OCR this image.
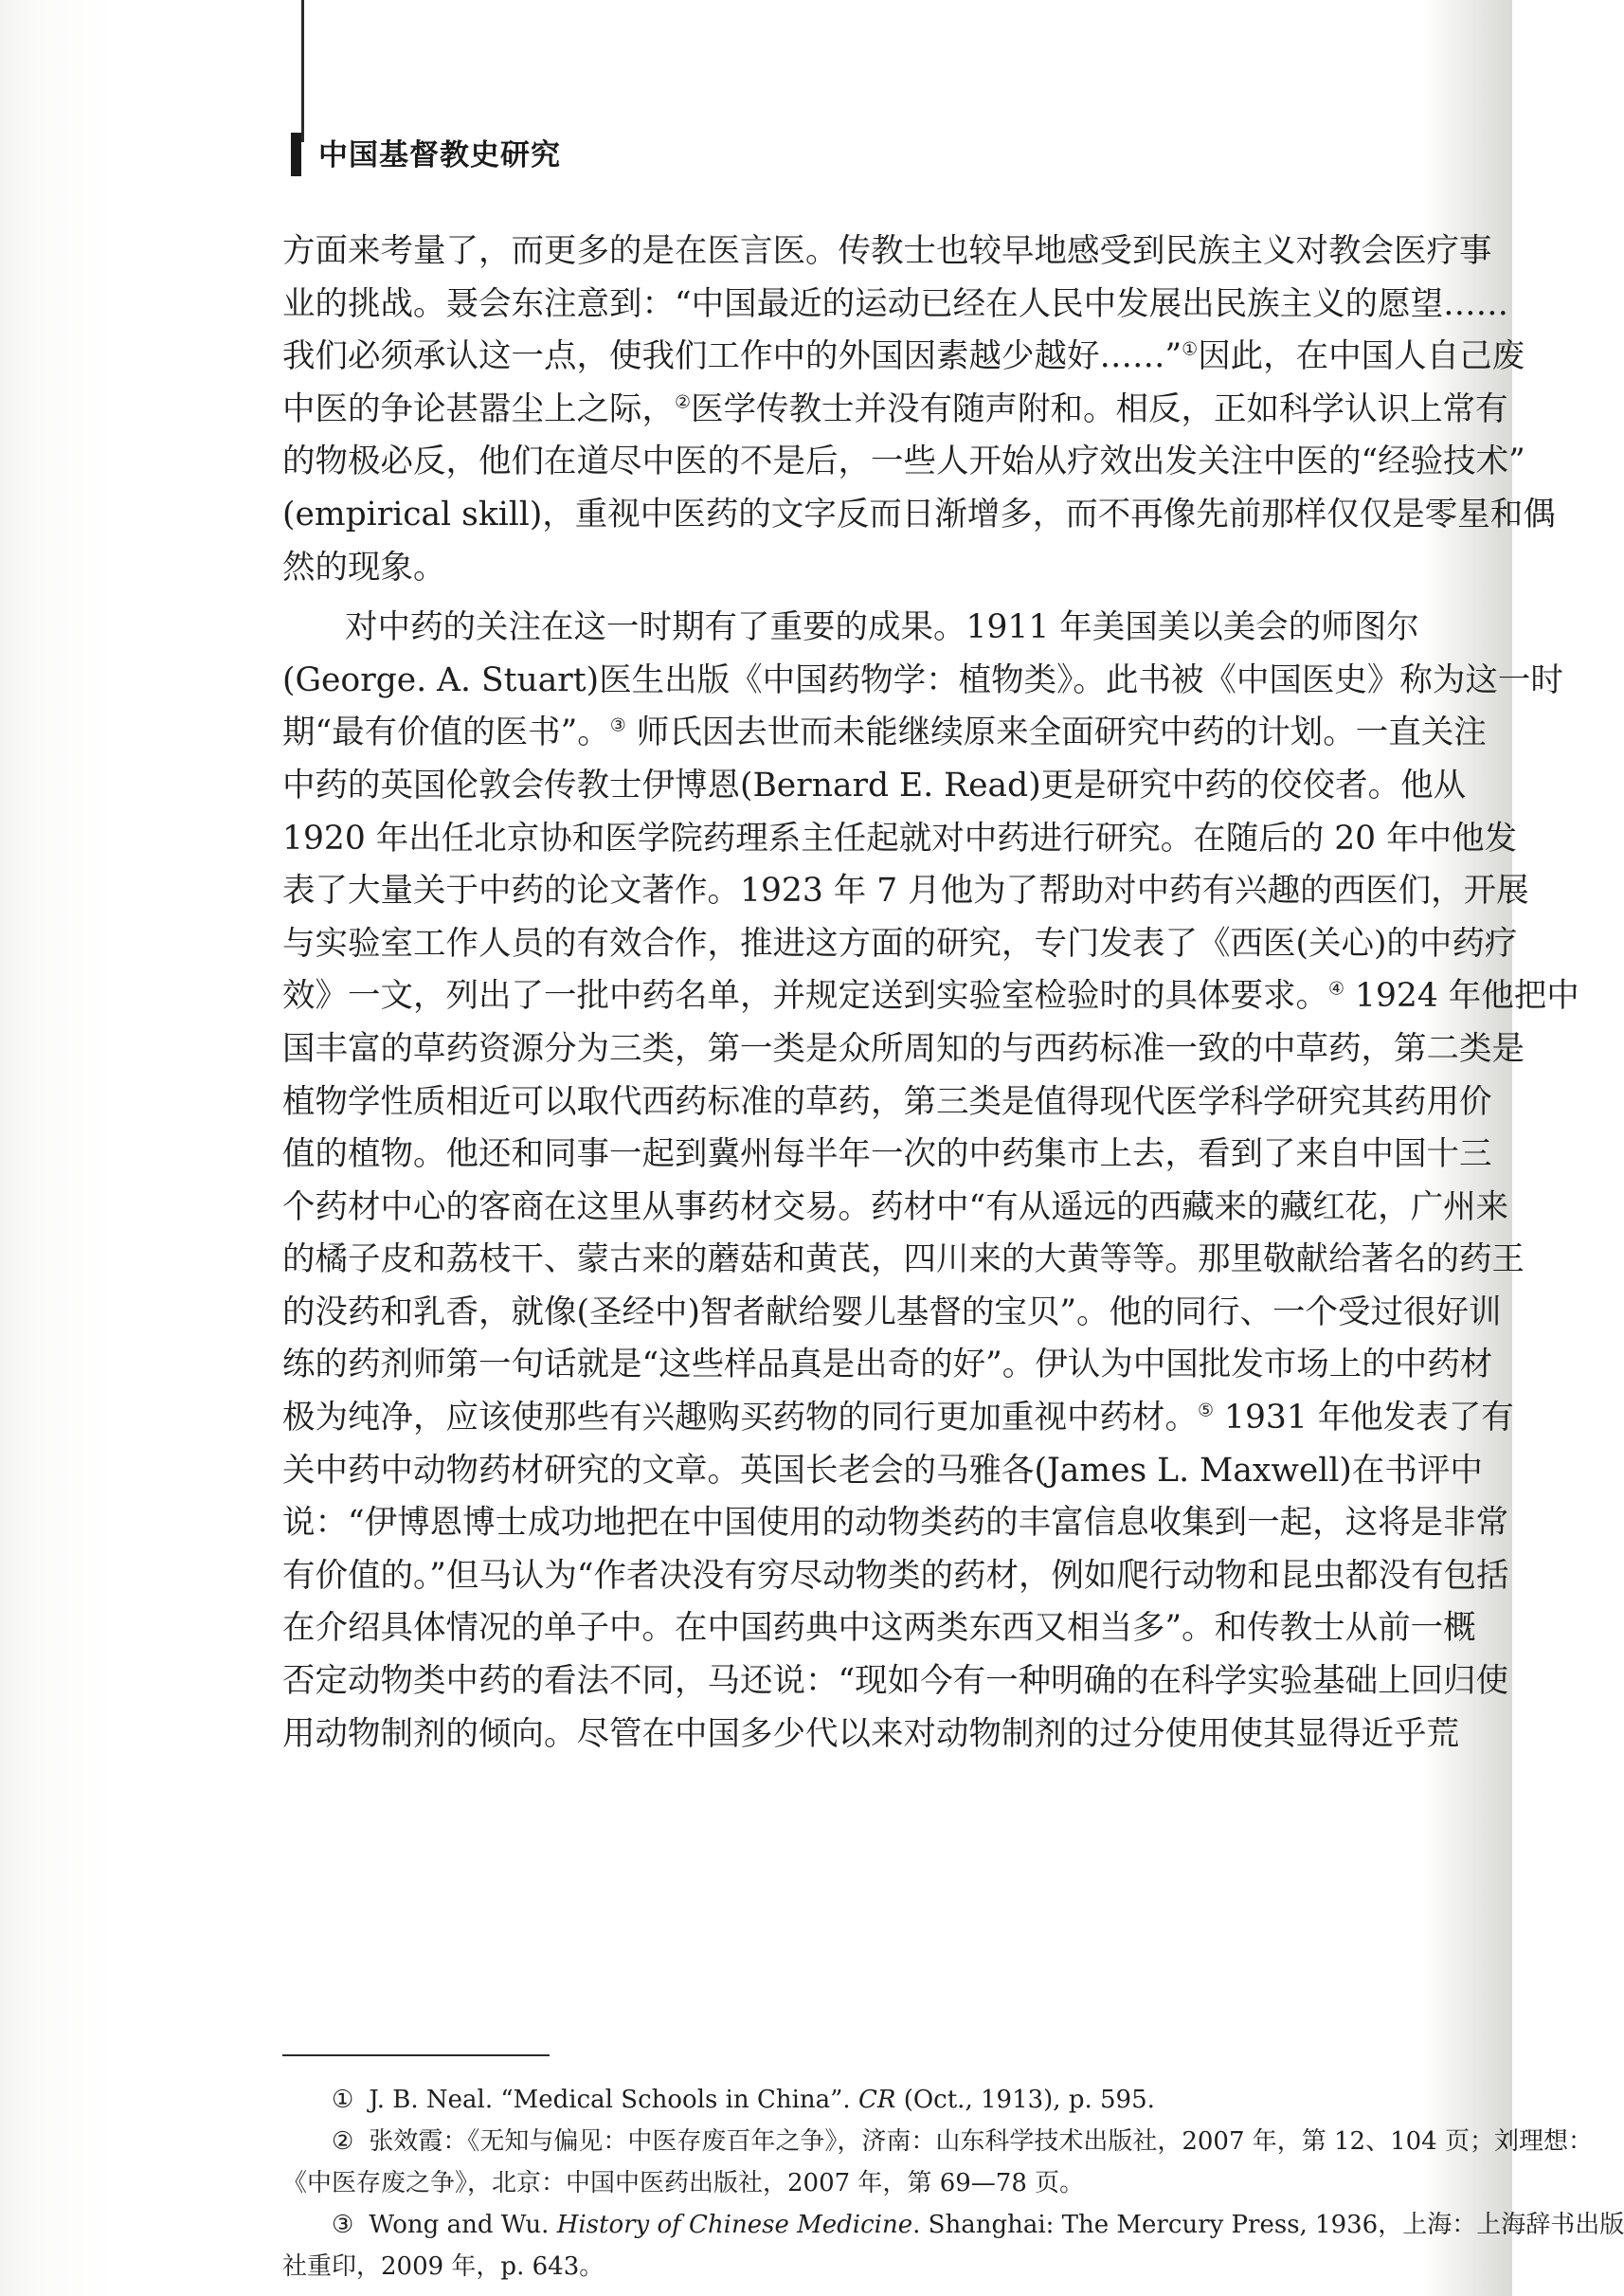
中国基督教史研究
方面来考量了，而更多的是在医言医。传教士也较早地感受到民族主义对教会医疗事
业的挑战。聂会东注意到：“中国最近的运动已经在人民中发展出民族主义的愿望……
我们必须承认这一点，使我们工作中的外国因素越少越好……”①因此，在中国人自己废
中医的争论甚嚣尘上之际，②医学传教士并没有随声附和。相反，正如科学认识上常有
的物极必反，他们在道尽中医的不是后，一些人开始从疗效出发关注中医的“经验技术”
(empirical skill)，重视中医药的文字反而日渐增多，而不再像先前那样仅仅是零星和偶
然的现象。
对中药的关注在这一时期有了重要的成果。1911 年美国美以美会的师图尔
(George. A. Stuart)医生出版《中国药物学：植物类》。此书被《中国医史》称为这一时
期“最有价值的医书”。③ 师氏因去世而未能继续原来全面研究中药的计划。一直关注
中药的英国伦敦会传教士伊博恩(Bernard E. Read)更是研究中药的佼佼者。他从
1920 年出任北京协和医学院药理系主任起就对中药进行研究。在随后的 20 年中他发
表了大量关于中药的论文著作。1923 年 7 月他为了帮助对中药有兴趣的西医们，开展
与实验室工作人员的有效合作，推进这方面的研究，专门发表了《西医(关心)的中药疗
效》一文，列出了一批中药名单，并规定送到实验室检验时的具体要求。④ 1924 年他把中
国丰富的草药资源分为三类，第一类是众所周知的与西药标准一致的中草药，第二类是
植物学性质相近可以取代西药标准的草药，第三类是值得现代医学科学研究其药用价
值的植物。他还和同事一起到冀州每半年一次的中药集市上去，看到了来自中国十三
个药材中心的客商在这里从事药材交易。药材中“有从遥远的西藏来的藏红花，广州来
的橘子皮和荔枝干、蒙古来的蘑菇和黄芪，四川来的大黄等等。那里敬献给著名的药王
的没药和乳香，就像(圣经中)智者献给婴儿基督的宝贝”。他的同行、一个受过很好训
练的药剂师第一句话就是“这些样品真是出奇的好”。伊认为中国批发市场上的中药材
极为纯净，应该使那些有兴趣购买药物的同行更加重视中药材。⑤ 1931 年他发表了有
关中药中动物药材研究的文章。英国长老会的马雅各(James L. Maxwell)在书评中
说：“伊博恩博士成功地把在中国使用的动物类药的丰富信息收集到一起，这将是非常
有价值的。”但马认为“作者决没有穷尽动物类的药材，例如爬行动物和昆虫都没有包括
在介绍具体情况的单子中。在中国药典中这两类东西又相当多”。和传教士从前一概
否定动物类中药的看法不同，马还说：“现如今有一种明确的在科学实验基础上回归使
用动物制剂的倾向。尽管在中国多少代以来对动物制剂的过分使用使其显得近乎荒
① J. B. Neal. “Medical Schools in China”. CR (Oct., 1913), p. 595.
② 张效霞：《无知与偏见：中医存废百年之争》，济南：山东科学技术出版社，2007 年，第 12、104 页；刘理想：
《中医存废之争》，北京：中国中医药出版社，2007 年，第 69—78 页。
③ Wong and Wu. History of Chinese Medicine. Shanghai: The Mercury Press, 1936，上海：上海辞书出版
社重印，2009 年，p. 643。
